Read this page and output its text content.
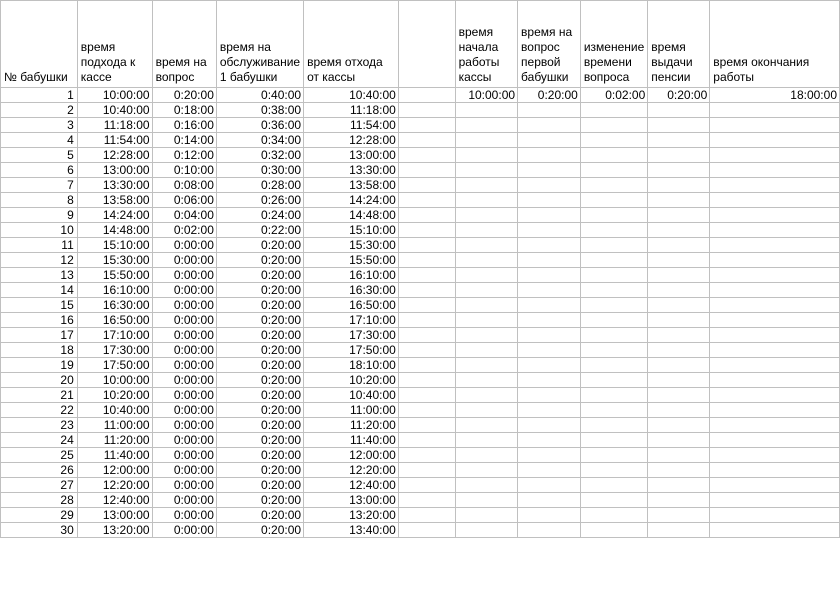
№ бабушки	время подхода к кассе	время на вопрос	время на обслуживание 1 бабушки	время отхода от кассы		время начала работы кассы	время на вопрос первой бабушки	изменение времени вопроса	время выдачи пенсии	время окончания работы
1	10:00:00	0:20:00	0:40:00	10:40:00		10:00:00	0:20:00	0:02:00	0:20:00	18:00:00
2	10:40:00	0:18:00	0:38:00	11:18:00						
3	11:18:00	0:16:00	0:36:00	11:54:00						
4	11:54:00	0:14:00	0:34:00	12:28:00						
5	12:28:00	0:12:00	0:32:00	13:00:00						
6	13:00:00	0:10:00	0:30:00	13:30:00						
7	13:30:00	0:08:00	0:28:00	13:58:00						
8	13:58:00	0:06:00	0:26:00	14:24:00						
9	14:24:00	0:04:00	0:24:00	14:48:00						
10	14:48:00	0:02:00	0:22:00	15:10:00						
11	15:10:00	0:00:00	0:20:00	15:30:00						
12	15:30:00	0:00:00	0:20:00	15:50:00						
13	15:50:00	0:00:00	0:20:00	16:10:00						
14	16:10:00	0:00:00	0:20:00	16:30:00						
15	16:30:00	0:00:00	0:20:00	16:50:00						
16	16:50:00	0:00:00	0:20:00	17:10:00						
17	17:10:00	0:00:00	0:20:00	17:30:00						
18	17:30:00	0:00:00	0:20:00	17:50:00						
19	17:50:00	0:00:00	0:20:00	18:10:00						
20	10:00:00	0:00:00	0:20:00	10:20:00						
21	10:20:00	0:00:00	0:20:00	10:40:00						
22	10:40:00	0:00:00	0:20:00	11:00:00						
23	11:00:00	0:00:00	0:20:00	11:20:00						
24	11:20:00	0:00:00	0:20:00	11:40:00						
25	11:40:00	0:00:00	0:20:00	12:00:00						
26	12:00:00	0:00:00	0:20:00	12:20:00						
27	12:20:00	0:00:00	0:20:00	12:40:00						
28	12:40:00	0:00:00	0:20:00	13:00:00						
29	13:00:00	0:00:00	0:20:00	13:20:00						
30	13:20:00	0:00:00	0:20:00	13:40:00						
